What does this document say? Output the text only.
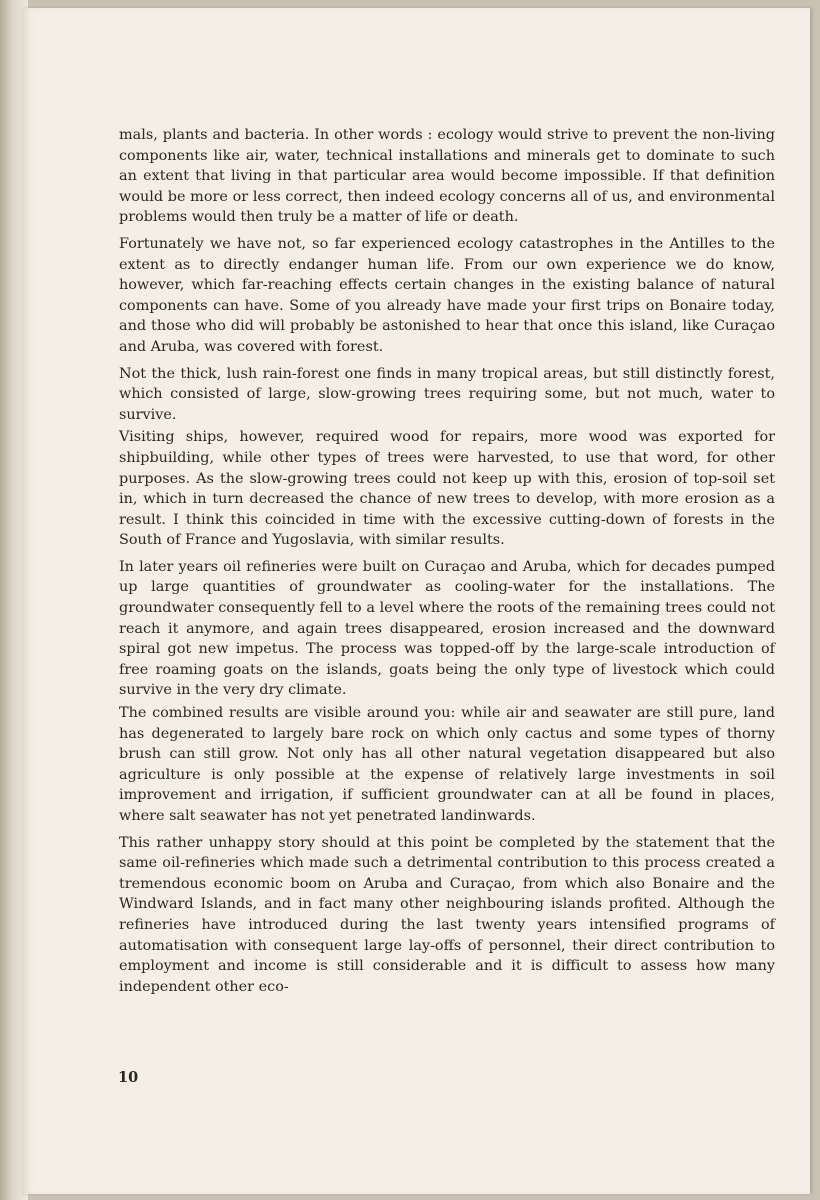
mals, plants and bacteria. In other words : ecology would strive to prevent the non-living components like air, water, technical installations and minerals get to dominate to such an extent that living in that particular area would become impossible. If that definition would be more or less correct, then indeed ecology concerns all of us, and environmental problems would then truly be a matter of life or death.

Fortunately we have not, so far experienced ecology catastrophes in the Antilles to the extent as to directly endanger human life. From our own experience we do know, however, which far-reaching effects certain changes in the existing balance of natural components can have. Some of you already have made your first trips on Bonaire today, and those who did will probably be astonished to hear that once this island, like Curaçao and Aruba, was covered with forest.

Not the thick, lush rain-forest one finds in many tropical areas, but still distinctly forest, which consisted of large, slow-growing trees requiring some, but not much, water to survive.

Visiting ships, however, required wood for repairs, more wood was exported for shipbuilding, while other types of trees were harvested, to use that word, for other purposes. As the slow-growing trees could not keep up with this, erosion of top-soil set in, which in turn decreased the chance of new trees to develop, with more erosion as a result. I think this coincided in time with the excessive cutting-down of forests in the South of France and Yugoslavia, with similar results.

In later years oil refineries were built on Curaçao and Aruba, which for decades pumped up large quantities of groundwater as cooling-water for the installations. The groundwater consequently fell to a level where the roots of the remaining trees could not reach it anymore, and again trees disappeared, erosion increased and the downward spiral got new impetus. The process was topped-off by the large-scale introduction of free roaming goats on the islands, goats being the only type of livestock which could survive in the very dry climate.

The combined results are visible around you: while air and seawater are still pure, land has degenerated to largely bare rock on which only cactus and some types of thorny brush can still grow. Not only has all other natural vegetation disappeared but also agriculture is only possible at the expense of relatively large investments in soil improvement and irrigation, if sufficient groundwater can at all be found in places, where salt seawater has not yet penetrated landinwards.

This rather unhappy story should at this point be completed by the statement that the same oil-refineries which made such a detrimental contribution to this process created a tremendous economic boom on Aruba and Curaçao, from which also Bonaire and the Windward Islands, and in fact many other neighbouring islands profited. Although the refineries have introduced during the last twenty years intensified programs of automatisation with consequent large lay-offs of personnel, their direct contribution to employment and income is still considerable and it is difficult to assess how many independent other eco-

10
